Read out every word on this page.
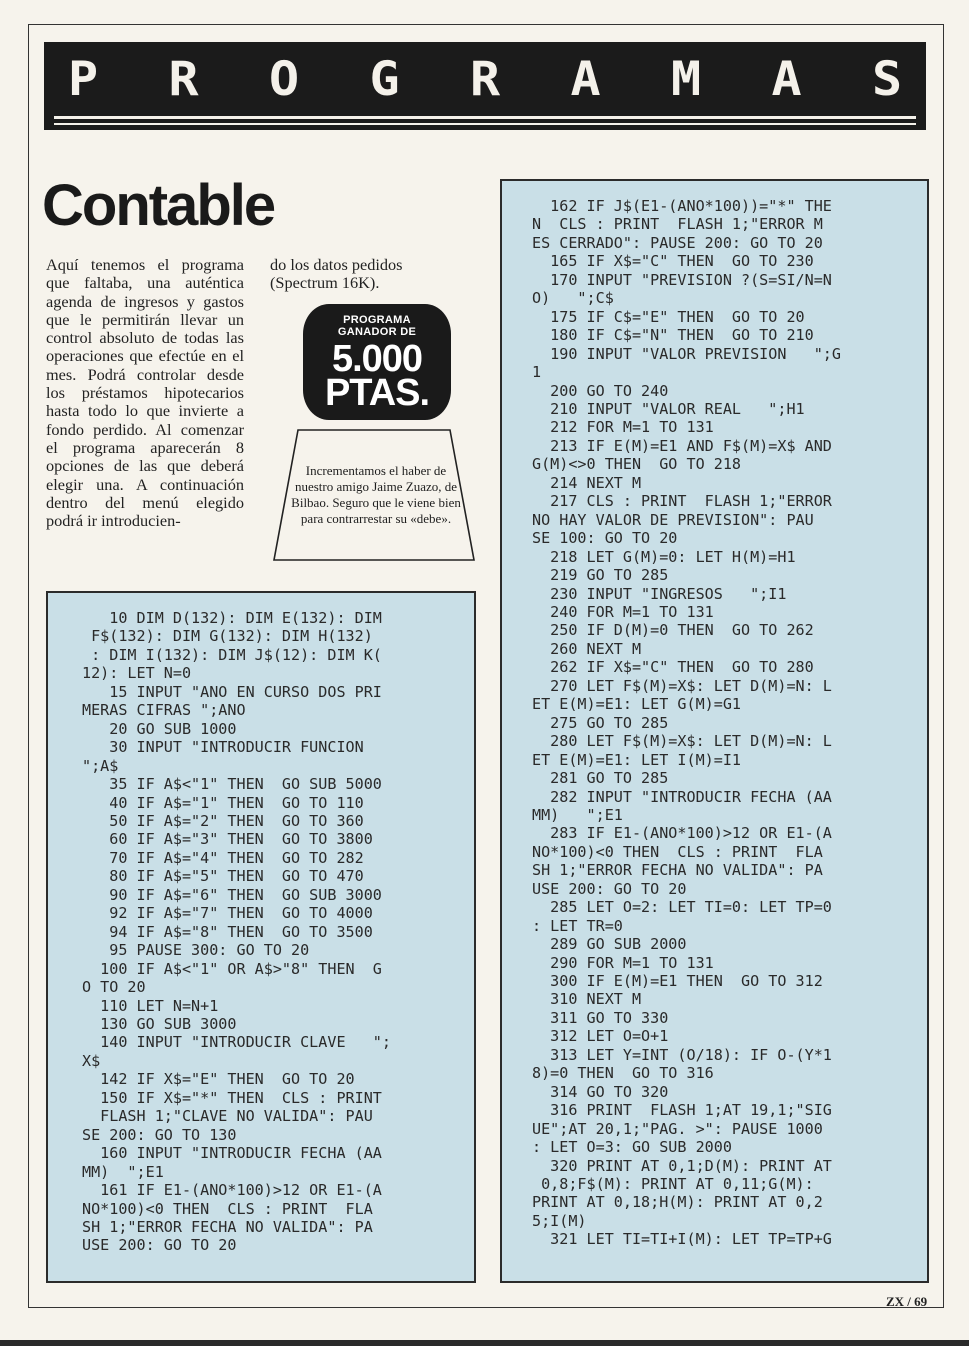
P R O G R A M A S
Contable

Aquí tenemos el programa que faltaba, una auténtica agenda de ingresos y gastos que le permitirán llevar un control absoluto de todas las operaciones que efectúe en el mes. Podrá controlar desde los préstamos hipotecarios hasta todo lo que invierte a fondo perdido. Al comenzar el programa aparecerán 8 opciones de las que deberá elegir una. A continuación dentro del menú elegido podrá ir introducien-

do los datos pedidos (Spectrum 16K).

PROGRAMA
GANADOR DE
5.000
PTAS.

Incrementamos el haber de nuestro amigo Jaime Zuazo, de Bilbao. Seguro que le viene bien para contrarrestar su «debe».

10 DIM D(132): DIM E(132): DIM
F$(132): DIM G(132): DIM H(132)
: DIM I(132): DIM J$(12): DIM K(
12): LET N=0
15 INPUT "ANO EN CURSO DOS PRI
MERAS CIFRAS ";ANO
20 GO SUB 1000
30 INPUT "INTRODUCIR FUNCION
";A$
35 IF A$<"1" THEN  GO SUB 5000
40 IF A$="1" THEN  GO TO 110
50 IF A$="2" THEN  GO TO 360
60 IF A$="3" THEN  GO TO 3800
70 IF A$="4" THEN  GO TO 282
80 IF A$="5" THEN  GO TO 470
90 IF A$="6" THEN  GO SUB 3000
92 IF A$="7" THEN  GO TO 4000
94 IF A$="8" THEN  GO TO 3500
95 PAUSE 300: GO TO 20
100 IF A$<"1" OR A$>"8" THEN  G
O TO 20
110 LET N=N+1
130 GO SUB 3000
140 INPUT "INTRODUCIR CLAVE   ";
X$
142 IF X$="E" THEN  GO TO 20
150 IF X$="*" THEN  CLS : PRINT
FLASH 1;"CLAVE NO VALIDA": PAU
SE 200: GO TO 130
160 INPUT "INTRODUCIR FECHA (AA
MM)  ";E1
161 IF E1-(ANO*100)>12 OR E1-(A
NO*100)<0 THEN  CLS : PRINT  FLA
SH 1;"ERROR FECHA NO VALIDA": PA
USE 200: GO TO 20
162 IF J$(E1-(ANO*100))="*" THE
N  CLS : PRINT  FLASH 1;"ERROR M
ES CERRADO": PAUSE 200: GO TO 20
165 IF X$="C" THEN  GO TO 230
170 INPUT "PREVISION ?(S=SI/N=N
O)   ";C$
175 IF C$="E" THEN  GO TO 20
180 IF C$="N" THEN  GO TO 210
190 INPUT "VALOR PREVISION   ";G
1
200 GO TO 240
210 INPUT "VALOR REAL   ";H1
212 FOR M=1 TO 131
213 IF E(M)=E1 AND F$(M)=X$ AND
G(M)<>0 THEN  GO TO 218
214 NEXT M
217 CLS : PRINT  FLASH 1;"ERROR
NO HAY VALOR DE PREVISION": PAU
SE 100: GO TO 20
218 LET G(M)=0: LET H(M)=H1
219 GO TO 285
230 INPUT "INGRESOS   ";I1
240 FOR M=1 TO 131
250 IF D(M)=0 THEN  GO TO 262
260 NEXT M
262 IF X$="C" THEN  GO TO 280
270 LET F$(M)=X$: LET D(M)=N: L
ET E(M)=E1: LET G(M)=G1
275 GO TO 285
280 LET F$(M)=X$: LET D(M)=N: L
ET E(M)=E1: LET I(M)=I1
281 GO TO 285
282 INPUT "INTRODUCIR FECHA (AA
MM)   ";E1
283 IF E1-(ANO*100)>12 OR E1-(A
NO*100)<0 THEN  CLS : PRINT  FLA
SH 1;"ERROR FECHA NO VALIDA": PA
USE 200: GO TO 20
285 LET O=2: LET TI=0: LET TP=0
: LET TR=0
289 GO SUB 2000
290 FOR M=1 TO 131
300 IF E(M)=E1 THEN  GO TO 312
310 NEXT M
311 GO TO 330
312 LET O=O+1
313 LET Y=INT (O/18): IF O-(Y*1
8)=0 THEN  GO TO 316
314 GO TO 320
316 PRINT  FLASH 1;AT 19,1;"SIG
UE";AT 20,1;"PAG. >": PAUSE 1000
: LET O=3: GO SUB 2000
320 PRINT AT 0,1;D(M): PRINT AT
0,8;F$(M): PRINT AT 0,11;G(M):
PRINT AT 0,18;H(M): PRINT AT 0,2
5;I(M)
321 LET TI=TI+I(M): LET TP=TP+G
ZX / 69
